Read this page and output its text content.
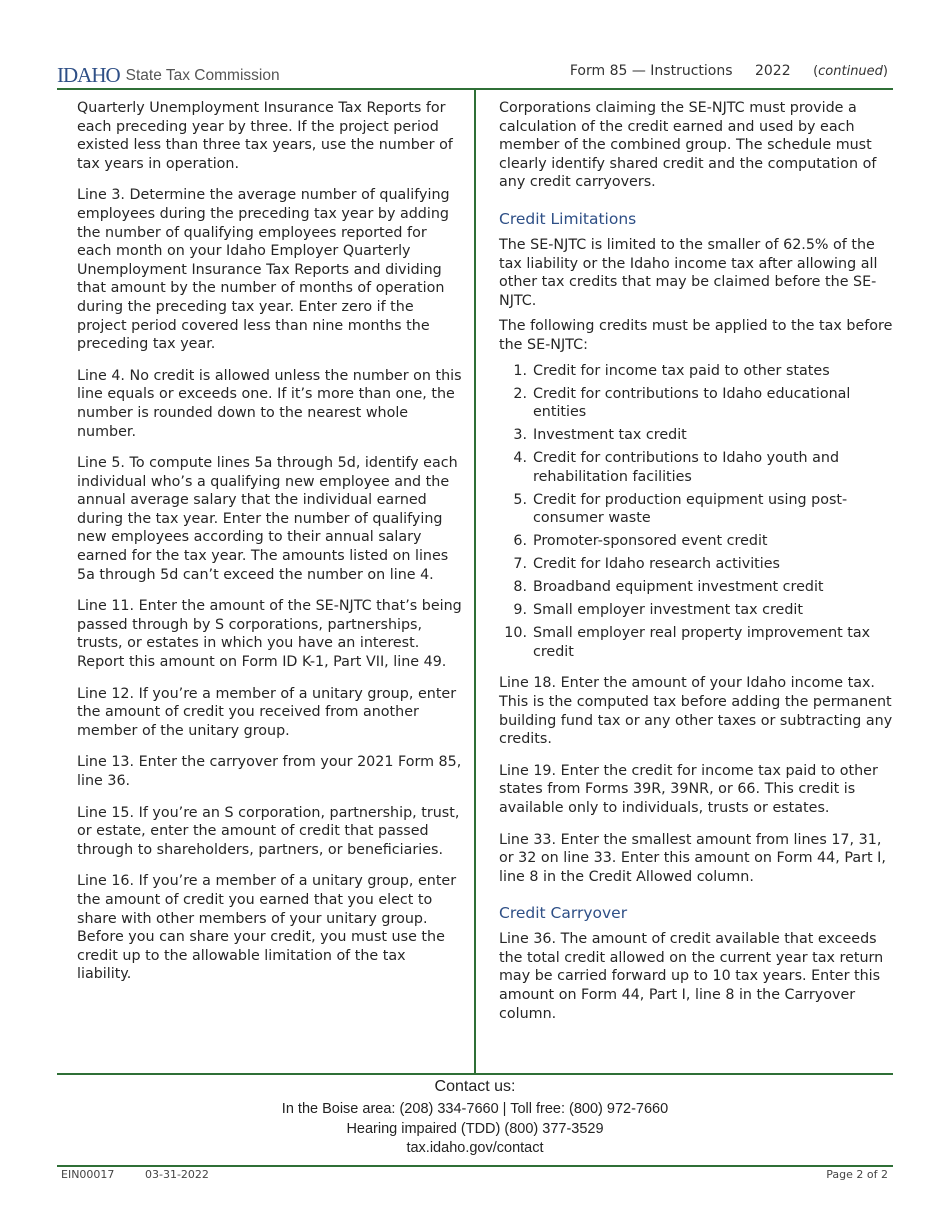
IDAHO State Tax Commission	Form 85 — Instructions 2022 (continued)

Quarterly Unemployment Insurance Tax Reports for each preceding year by three. If the project period existed less than three tax years, use the number of tax years in operation.

Line 3. Determine the average number of qualifying employees during the preceding tax year by adding the number of qualifying employees reported for each month on your Idaho Employer Quarterly Unemployment Insurance Tax Reports and dividing that amount by the number of months of operation during the preceding tax year. Enter zero if the project period covered less than nine months the preceding tax year.

Line 4. No credit is allowed unless the number on this line equals or exceeds one. If it’s more than one, the number is rounded down to the nearest whole number.

Line 5. To compute lines 5a through 5d, identify each individual who’s a qualifying new employee and the annual average salary that the individual earned during the tax year. Enter the number of qualifying new employees according to their annual salary earned for the tax year. The amounts listed on lines 5a through 5d can’t exceed the number on line 4.

Line 11. Enter the amount of the SE-NJTC that’s being passed through by S corporations, partnerships, trusts, or estates in which you have an interest. Report this amount on Form ID K-1, Part VII, line 49.

Line 12. If you’re a member of a unitary group, enter the amount of credit you received from another member of the unitary group.

Line 13. Enter the carryover from your 2021 Form 85, line 36.

Line 15. If you’re an S corporation, partnership, trust, or estate, enter the amount of credit that passed through to shareholders, partners, or beneficiaries.

Line 16. If you’re a member of a unitary group, enter the amount of credit you earned that you elect to share with other members of your unitary group. Before you can share your credit, you must use the credit up to the allowable limitation of the tax liability.

Corporations claiming the SE-NJTC must provide a calculation of the credit earned and used by each member of the combined group. The schedule must clearly identify shared credit and the computation of any credit carryovers.

Credit Limitations

The SE-NJTC is limited to the smaller of 62.5% of the tax liability or the Idaho income tax after allowing all other tax credits that may be claimed before the SE-NJTC.

The following credits must be applied to the tax before the SE-NJTC:

1. Credit for income tax paid to other states
2. Credit for contributions to Idaho educational entities
3. Investment tax credit
4. Credit for contributions to Idaho youth and rehabilitation facilities
5. Credit for production equipment using post-consumer waste
6. Promoter-sponsored event credit
7. Credit for Idaho research activities
8. Broadband equipment investment credit
9. Small employer investment tax credit
10. Small employer real property improvement tax credit

Line 18. Enter the amount of your Idaho income tax. This is the computed tax before adding the permanent building fund tax or any other taxes or subtracting any credits.

Line 19. Enter the credit for income tax paid to other states from Forms 39R, 39NR, or 66. This credit is available only to individuals, trusts or estates.

Line 33. Enter the smallest amount from lines 17, 31, or 32 on line 33. Enter this amount on Form 44, Part I, line 8 in the Credit Allowed column.

Credit Carryover

Line 36. The amount of credit available that exceeds the total credit allowed on the current year tax return may be carried forward up to 10 tax years. Enter this amount on Form 44, Part I, line 8 in the Carryover column.

Contact us:
In the Boise area: (208) 334-7660 | Toll free: (800) 972-7660
Hearing impaired (TDD) (800) 377-3529
tax.idaho.gov/contact
EIN00017	03-31-2022	Page 2 of 2
